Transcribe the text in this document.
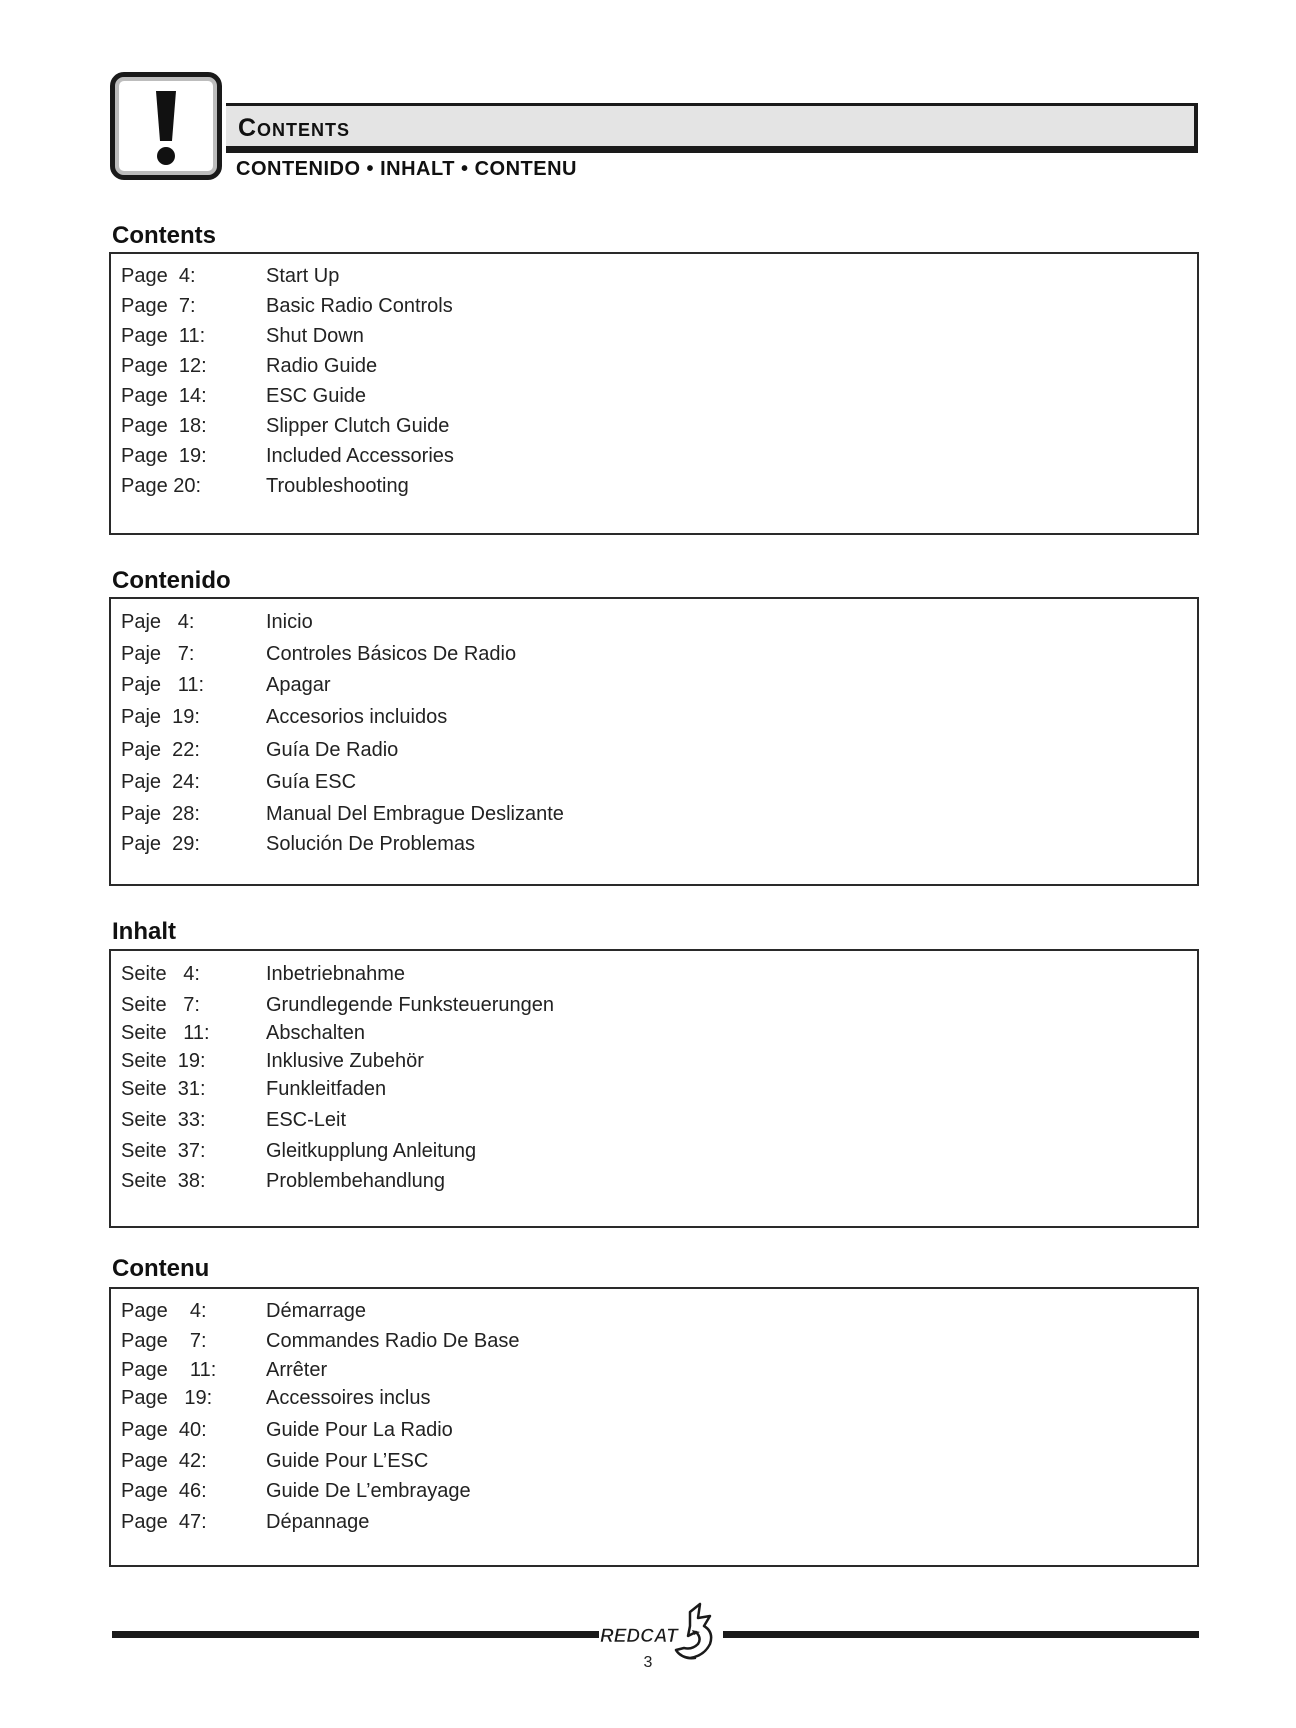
Contents
CONTENIDO • INHALT • CONTENU
Contents
Page  4:	Start Up
Page  7:	Basic Radio Controls
Page  11:	Shut Down
Page  12:	Radio Guide
Page  14:	ESC Guide
Page  18:	Slipper Clutch Guide
Page  19:	Included Accessories
Page 20:	Troubleshooting
Contenido
Paje   4:	Inicio
Paje   7:	Controles Básicos De Radio
Paje   11:	Apagar
Paje  19:	Accesorios incluidos
Paje  22:	Guía De Radio
Paje  24:	Guía ESC
Paje  28:	Manual Del Embrague Deslizante
Paje  29:	Solución De Problemas
Inhalt
Seite   4:	Inbetriebnahme
Seite   7:	Grundlegende Funksteuerungen
Seite   11:	Abschalten
Seite  19:	Inklusive Zubehör
Seite  31:	Funkleitfaden
Seite  33:	ESC-Leit
Seite  37:	Gleitkupplung Anleitung
Seite  38:	Problembehandlung
Contenu
Page    4:	Démarrage
Page    7:	Commandes Radio De Base
Page    11: Arrêter
Page   19:	Accessoires inclus
Page  40:	Guide Pour La Radio
Page  42:	Guide Pour L’ESC
Page  46:	Guide De L’embrayage
Page  47:	Dépannage
REDCAT
3
